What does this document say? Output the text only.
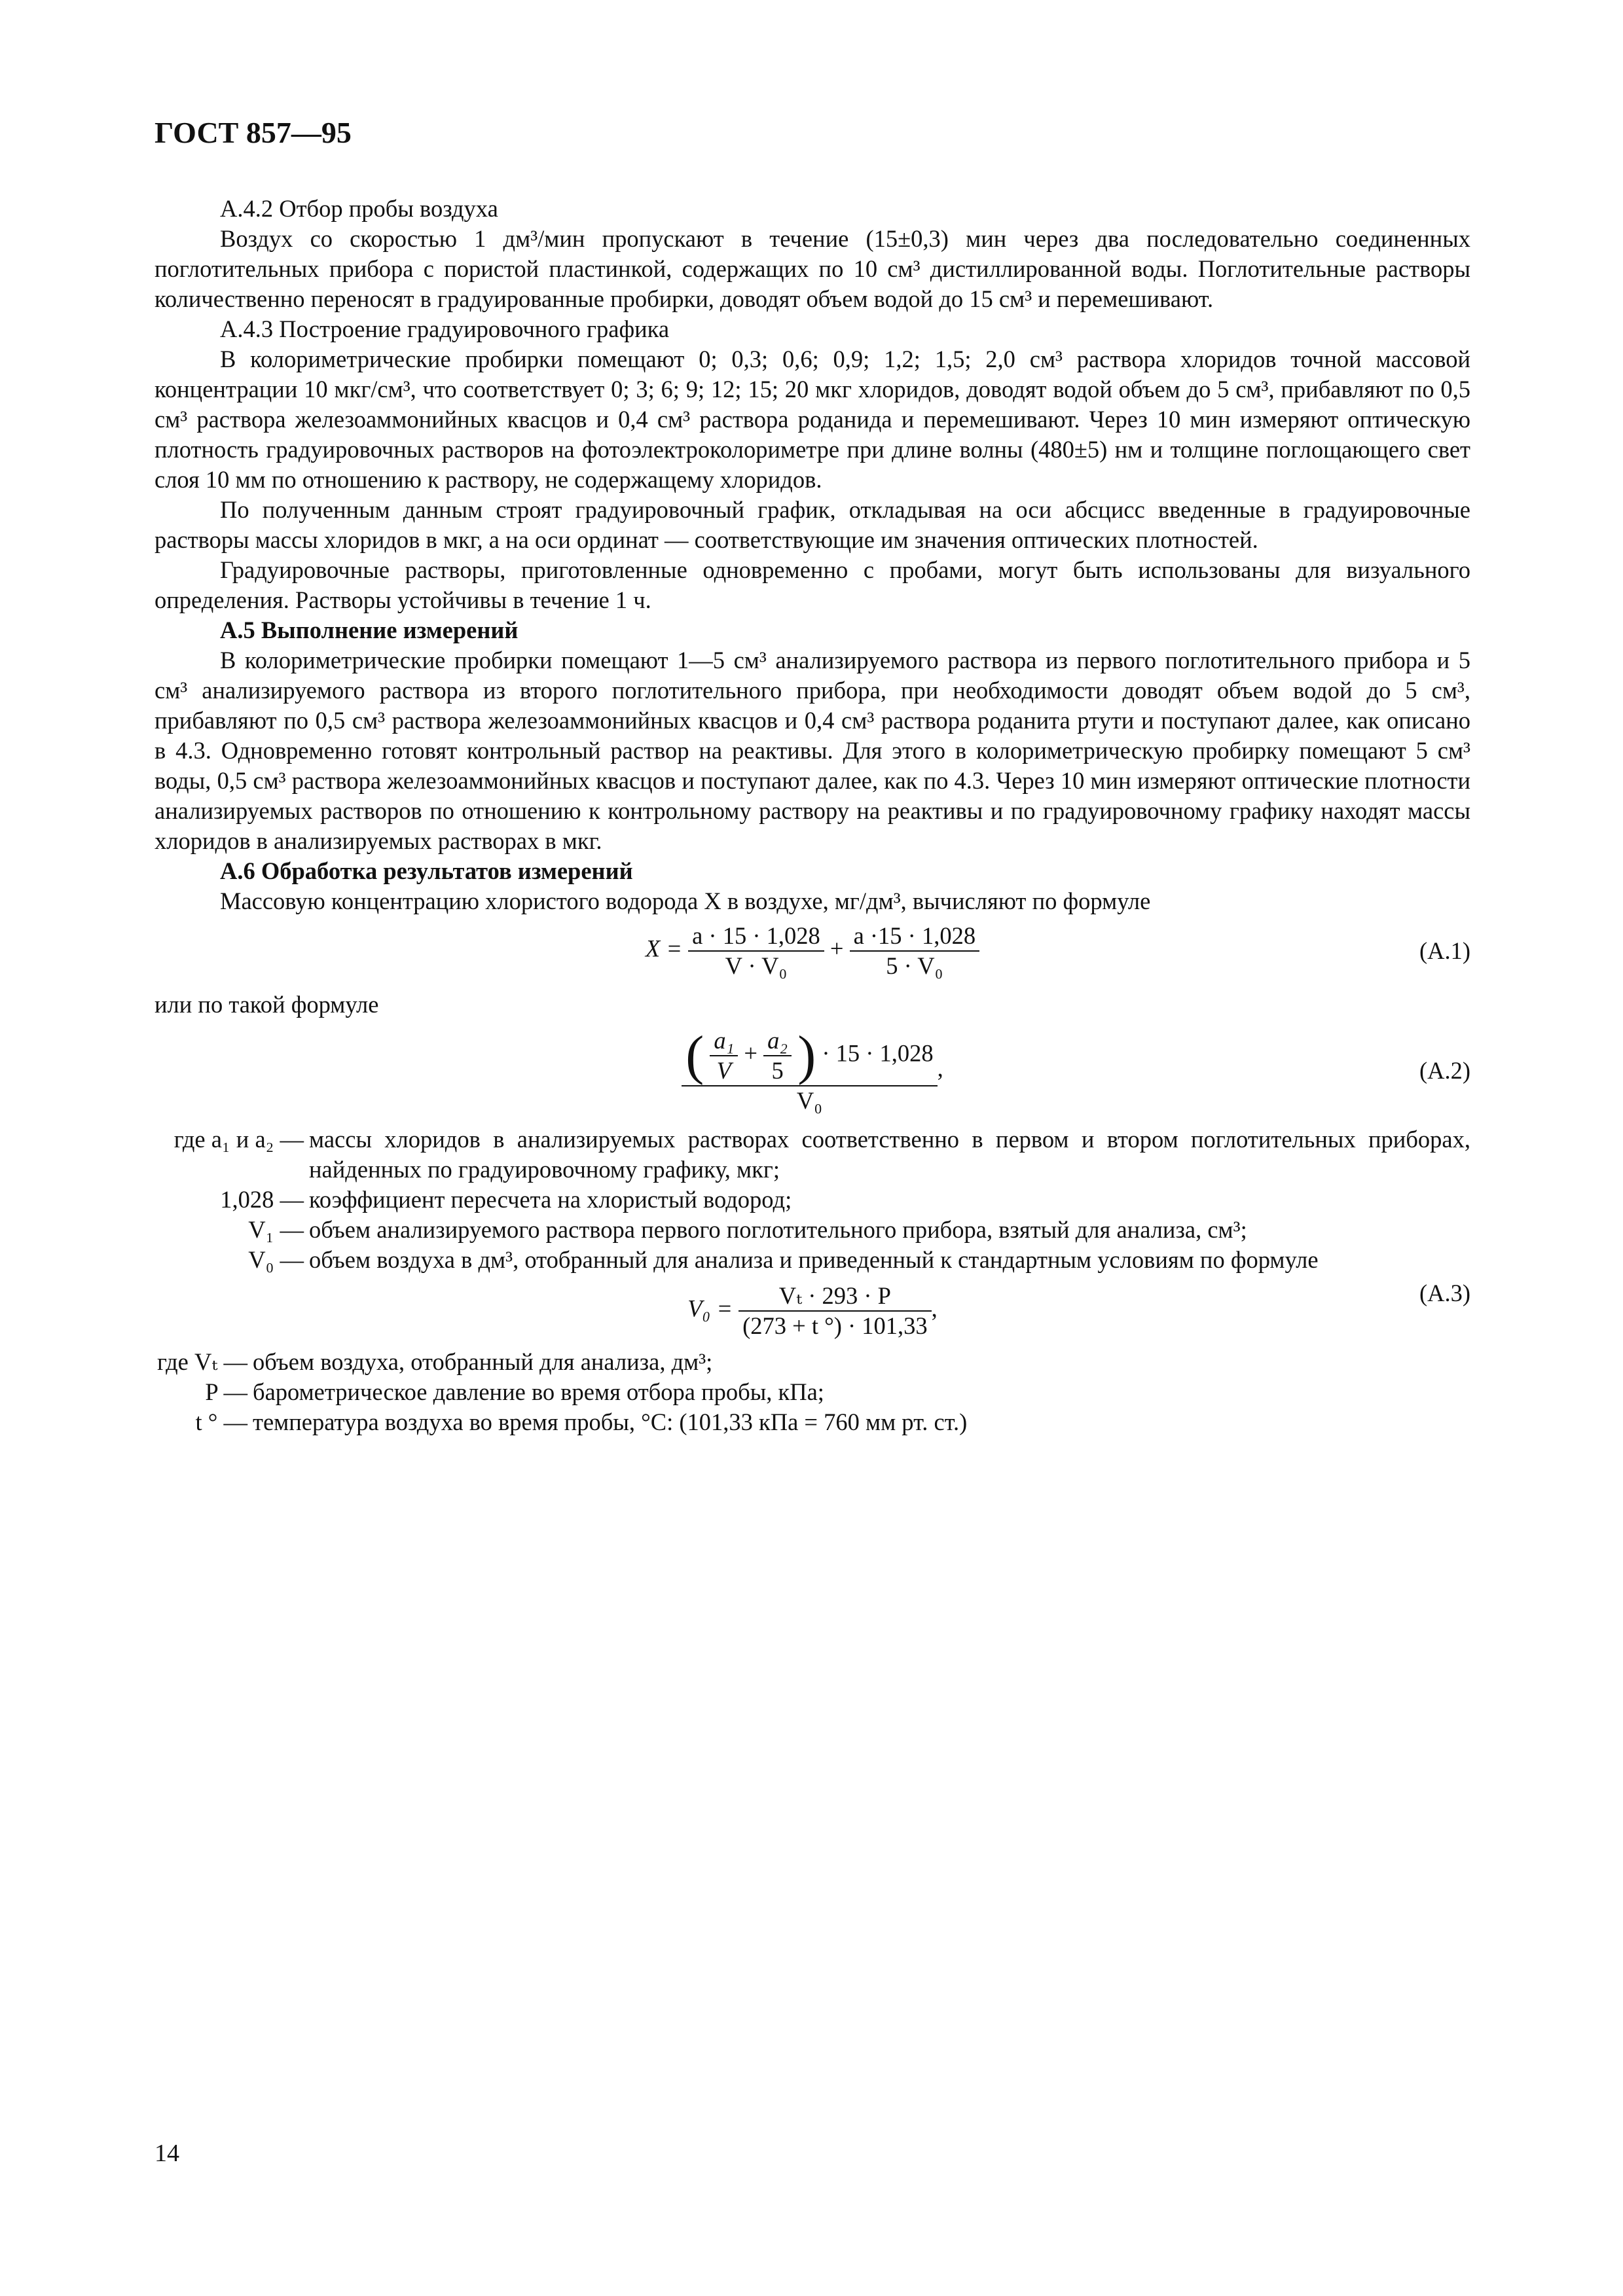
ГОСТ 857—95

А.4.2 Отбор пробы воздуха

Воздух со скоростью 1 дм³/мин пропускают в течение (15±0,3) мин через два последовательно соединенных поглотительных прибора с пористой пластинкой, содержащих по 10 см³ дистиллированной воды. Поглотительные растворы количественно переносят в градуированные пробирки, доводят объем водой до 15 см³ и перемешивают.

А.4.3 Построение градуировочного графика

В колориметрические пробирки помещают 0; 0,3; 0,6; 0,9; 1,2; 1,5; 2,0 см³ раствора хлоридов точной массовой концентрации 10 мкг/см³, что соответствует 0; 3; 6; 9; 12; 15; 20 мкг хлоридов, доводят водой объем до 5 см³, прибавляют по 0,5 см³ раствора железоаммонийных квасцов и 0,4 см³ раствора роданида и перемешивают. Через 10 мин измеряют оптическую плотность градуировочных растворов на фотоэлектроколориметре при длине волны (480±5) нм и толщине поглощающего свет слоя 10 мм по отношению к раствору, не содержащему хлоридов.

По полученным данным строят градуировочный график, откладывая на оси абсцисс введенные в градуировочные растворы массы хлоридов в мкг, а на оси ординат — соответствующие им значения оптических плотностей.

Градуировочные растворы, приготовленные одновременно с пробами, могут быть использованы для визуального определения. Растворы устойчивы в течение 1 ч.

А.5 Выполнение измерений

В колориметрические пробирки помещают 1—5 см³ анализируемого раствора из первого поглотительного прибора и 5 см³ анализируемого раствора из второго поглотительного прибора, при необходимости доводят объем водой до 5 см³, прибавляют по 0,5 см³ раствора железоаммонийных квасцов и 0,4 см³ раствора роданита ртути и поступают далее, как описано в 4.3. Одновременно готовят контрольный раствор на реактивы. Для этого в колориметрическую пробирку помещают 5 см³ воды, 0,5 см³ раствора железоаммонийных квасцов и поступают далее, как по 4.3. Через 10 мин измеряют оптические плотности анализируемых растворов по отношению к контрольному раствору на реактивы и по градуировочному графику находят массы хлоридов в анализируемых растворах в мкг.

А.6 Обработка результатов измерений

Массовую концентрацию хлористого водорода X в воздухе, мг/дм³, вычисляют по формуле

$X = \frac{a \cdot 15 \cdot 1,028}{\text{V · V₀}} + \frac{a \cdot 15 \cdot 1,028}{\text{5 · V₀}}$	(А.1)

или по такой формуле

( $\frac{\text{a₁}}{V} + \frac{\text{a₂}}{5}$ ) · 15 · 1,028
V₀
,	(А.2)
где a₁ и a₂ — массы хлоридов в анализируемых растворах соответственно в первом и втором поглотительных приборах, найденных по градуировочному графику, мкг;
1,028 — коэффициент пересчета на хлористый водород;
V₁ — объем анализируемого раствора первого поглотительного прибора, взятый для анализа, см³;
V₀ — объем воздуха в дм³, отобранный для анализа и приведенный к стандартным условиям по формуле
$V_0 = \frac{\text{Vₜ · 293 · P}}{(273 + t ^\circ) \cdot 101,33}$ ,
(А.3)
где Vₜ — объем воздуха, отобранный для анализа, дм³;
P — барометрическое давление во время отбора пробы, кПа;
t ° — температура воздуха во время пробы, °С: (101,33 кПа = 760 мм рт. ст.)
14
